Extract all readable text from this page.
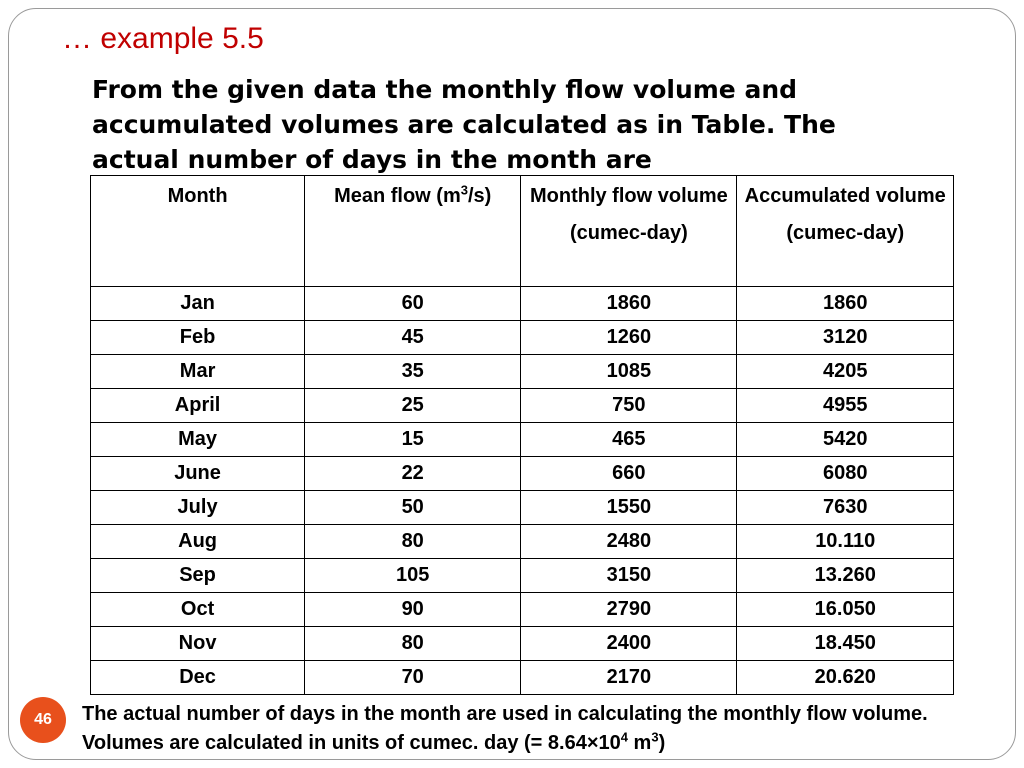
… example 5.5
From the given data the monthly flow volume and accumulated volumes are calculated as in Table. The actual number of days in the month are
Month	Mean flow $(m^3/s)$	Monthly flow volume (cumec-day)	Accumulated volume (cumec-day)
Jan	60	1860	1860
Feb	45	1260	3120
Mar	35	1085	4205
April	25	750	4955
May	15	465	5420
June	22	660	6080
July	50	1550	7630
Aug	80	2480	10.110
Sep	105	3150	13.260
Oct	90	2790	16.050
Nov	80	2400	18.450
Dec	70	2170	20.620
46	The actual number of days in the month are used in calculating the monthly flow volume. Volumes are calculated in units of cumec. day (= $8.64\times 10^4$ $m^3$)
